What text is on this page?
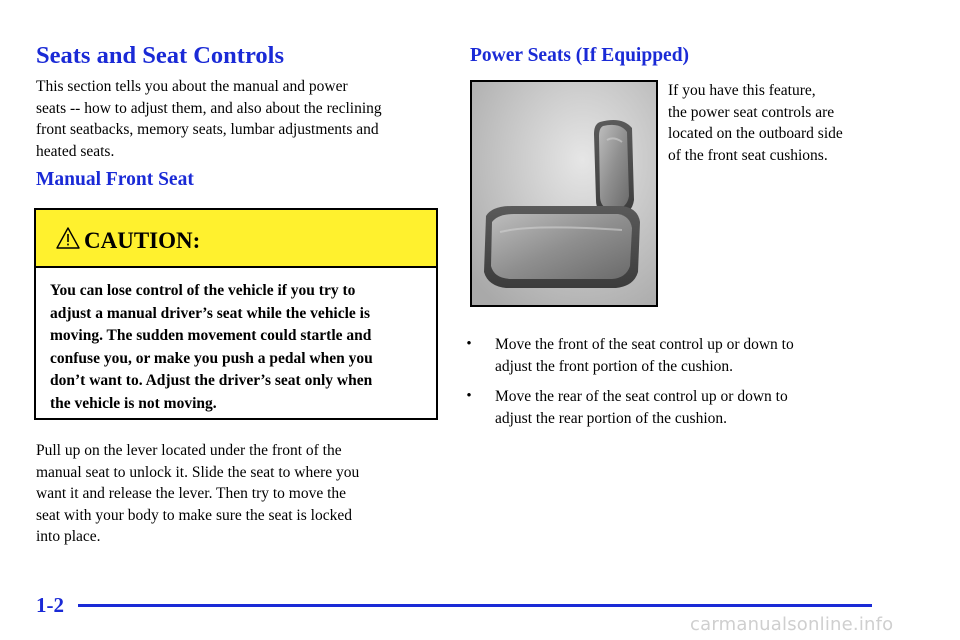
Seats and Seat Controls

This section tells you about the manual and power
seats -- how to adjust them, and also about the reclining
front seatbacks, memory seats, lumbar adjustments and
heated seats.

Manual Front Seat
CAUTION:
You can lose control of the vehicle if you try to
adjust a manual driver’s seat while the vehicle is
moving. The sudden movement could startle and
confuse you, or make you push a pedal when you
don’t want to. Adjust the driver’s seat only when
the vehicle is not moving.

Pull up on the lever located under the front of the
manual seat to unlock it. Slide the seat to where you
want it and release the lever. Then try to move the
seat with your body to make sure the seat is locked
into place.

Power Seats (If Equipped)

If you have this feature,
the power seat controls are
located on the outboard side
of the front seat cushions.

• Move the front of the seat control up or down to
adjust the front portion of the cushion.
• Move the rear of the seat control up or down to
adjust the rear portion of the cushion.
1-2
carmanualsonline.info
